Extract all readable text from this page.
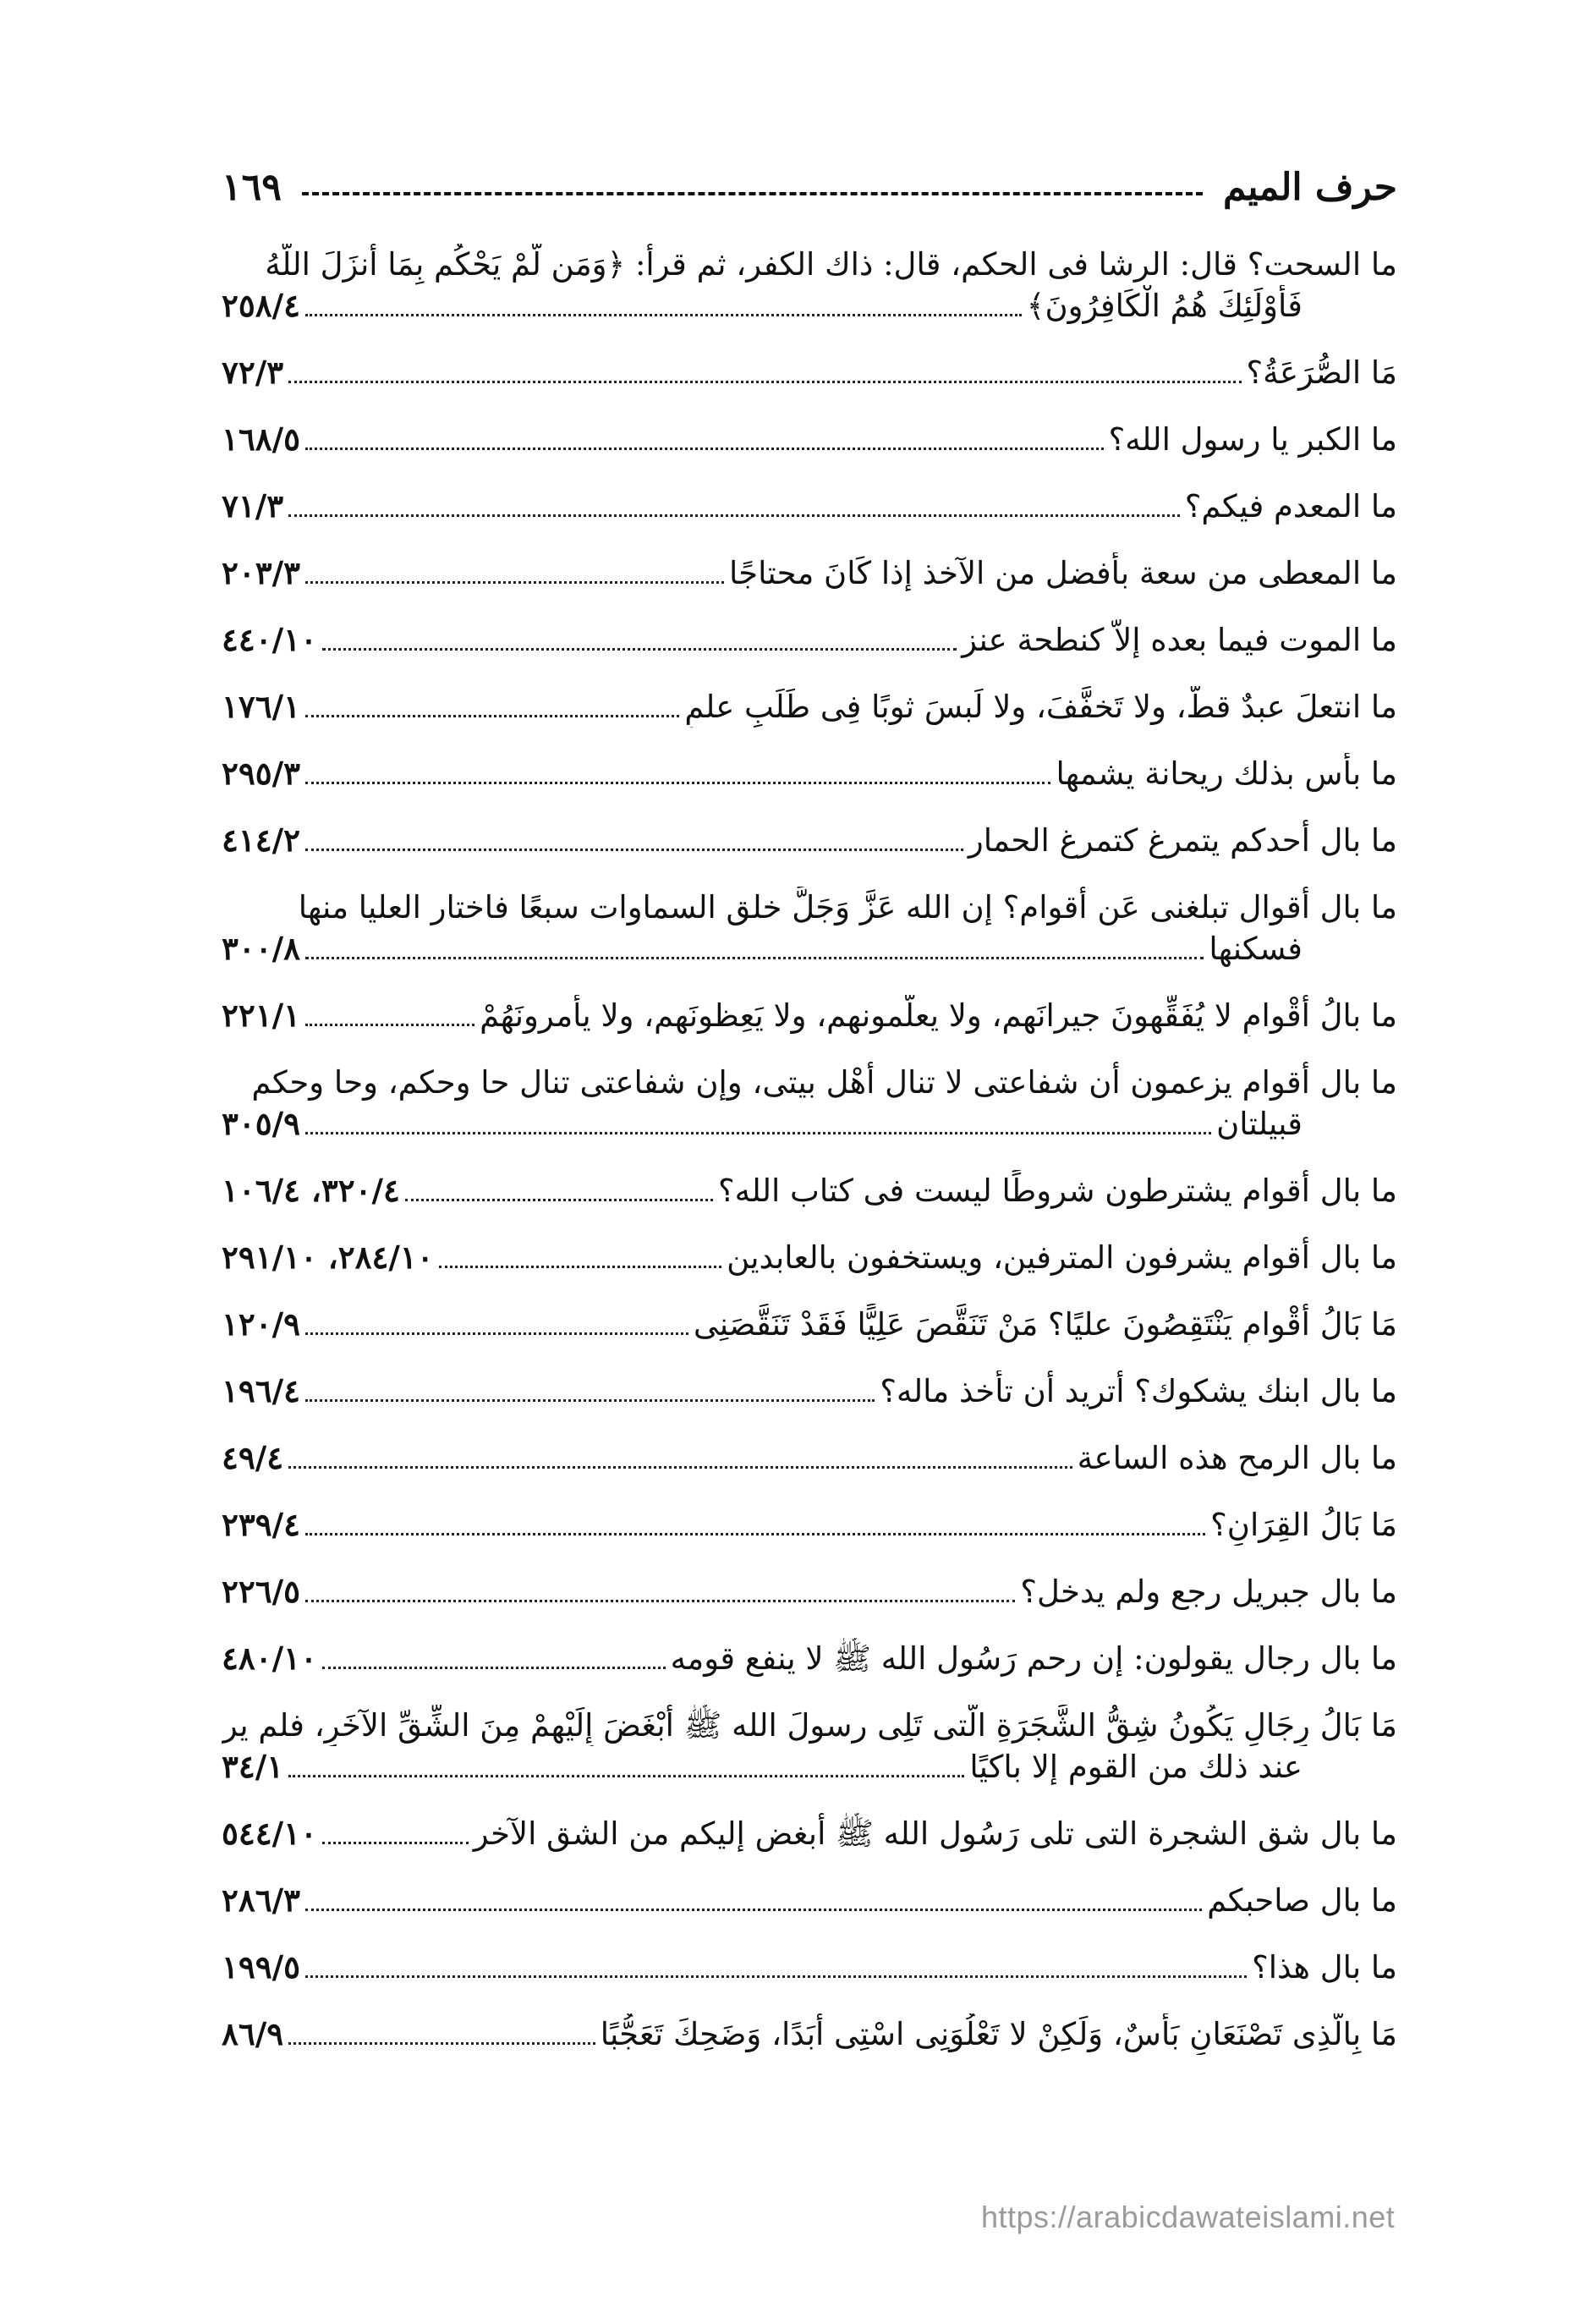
حرف الميم
١٦٩
ما السحت؟ قال: الرشا فى الحكم، قال: ذاك الكفر، ثم قرأ: ﴿وَمَن لَّمْ يَحْكُم بِمَا أَنزَلَ اللَّهُ
فَأُوْلَئِكَ هُمُ الْكَافِرُونَ﴾
٢٥٨/٤
مَا الصُّرَعَةُ؟
٧٢/٣
ما الكبر يا رسول الله؟
١٦٨/٥
ما المعدم فيكم؟
٧١/٣
ما المعطى من سعة بأفضل من الآخذ إذا كَانَ محتاجًا
٢٠٣/٣
ما الموت فيما بعده إلاَّ كنطحة عنز
٤٤٠/١٠
ما انتعلَ عبدٌ قطُّ، ولا تَخفَّفَ، ولا لَبسَ ثوبًا فِى طَلَبِ علمٍ
١٧٦/١
ما بأس بذلك ريحانة يشمها
٢٩٥/٣
ما بال أحدكم يتمرغ كتمرغ الحمار
٤١٤/٢
ما بال أقوال تبلغنى عَن أقوام؟ إن الله عَزَّ وَجَلَّ خلق السماوات سبعًا فاختار العليا منها
فسكنها
٣٠٠/٨
ما بالُ أقْوامٍ لا يُفَقِّهونَ جيرانَهم، ولا يعلّمونهم، ولا يَعِظونَهم، ولا يأمرونَهُمْ
٢٢١/١
ما بال أقوام يزعمون أن شفاعتى لا تنال أهْل بيتى، وإن شفاعتى تنال حا وحكم، وحا وحكم
قبيلتان
٣٠٥/٩
ما بال أقوام يشترطون شروطًا ليست فى كتاب الله؟
٣٢٠/٤، ١٠٦/٤
ما بال أقوام يشرفون المترفين، ويستخفون بالعابدين
٢٨٤/١٠، ٢٩١/١٠
مَا بَالُ أقْوامٍ يَنْتَقِصُونَ عليًا؟ مَنْ تَنَقَّصَ عَلِيًّا فَقَدْ تَنَقَّصَنِى
١٢٠/٩
ما بال ابنك يشكوك؟ أتريد أن تأخذ ماله؟
١٩٦/٤
ما بال الرمح هذه الساعة
٤٩/٤
مَا بَالُ القِرَانِ؟
٢٣٩/٤
ما بال جبريل رجع ولم يدخل؟
٢٢٦/٥
ما بال رجال يقولون: إن رحم رَسُول الله ﷺ لا ينفع قومه
٤٨٠/١٠
مَا بَالُ رِجَالٍ يَكُونُ شِقُّ الشَّجَرَةِ الَّتى تَلِى رسولَ الله ﷺ أَبْغَضَ إِلَيْهِمْ مِنَ الشِّقِّ الآخَرِ، فلم ير
عند ذلك من القوم إلا باكيًا
٣٤/١
ما بال شق الشجرة التى تلى رَسُول الله ﷺ أبغض إليكم من الشق الآخر
٥٤٤/١٠
ما بال صاحبكم
٢٨٦/٣
ما بال هذا؟
١٩٩/٥
مَا بِالَّذِى تَصْنَعَانِ بَأسٌ، وَلَكِنْ لا تَعْلُوَنِى اسْتِى أبَدًا، وَضَحِكَ تَعَجُّبًا
٨٦/٩
https://arabicdawateislami.net
